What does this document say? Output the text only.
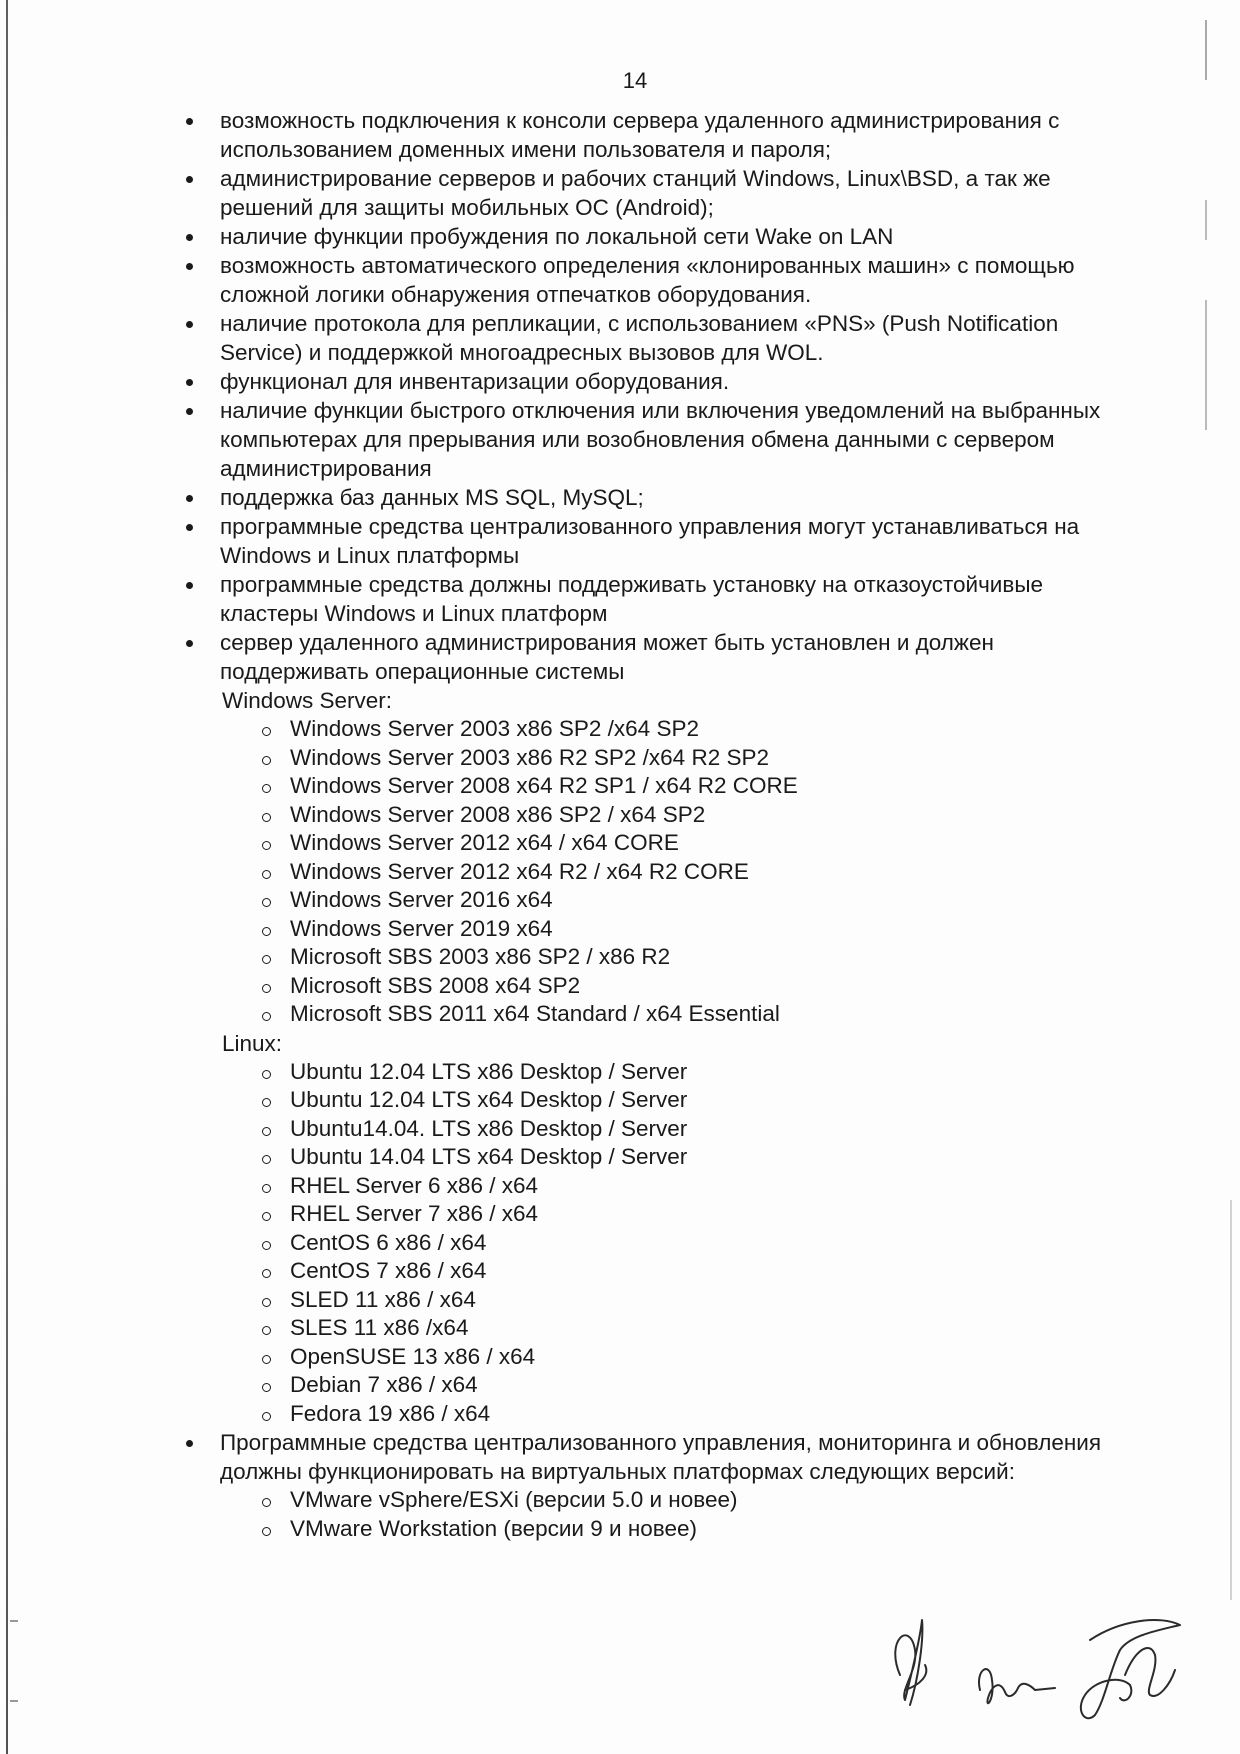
14
возможность подключения к консоли сервера удаленного администрирования с использованием доменных имени пользователя и пароля;
администрирование серверов и рабочих станций Windows, Linux\BSD, а так же решений для защиты мобильных ОС (Android);
наличие функции пробуждения по локальной сети Wake on LAN
возможность автоматического определения «клонированных машин» с помощью сложной логики обнаружения отпечатков оборудования.
наличие протокола для репликации, с использованием «PNS» (Push Notification Service) и поддержкой многоадресных вызовов для WOL.
функционал для инвентаризации оборудования.
наличие функции быстрого отключения или включения уведомлений на выбранных компьютерах для прерывания или возобновления обмена данными с сервером администрирования
поддержка баз данных MS SQL, MySQL;
программные средства централизованного управления могут устанавливаться на Windows и Linux платформы
программные средства должны поддерживать установку на отказоустойчивые кластеры Windows и Linux платформ
сервер удаленного администрирования может быть установлен и должен поддерживать операционные системы
Windows Server:
Windows Server 2003 x86 SP2 /x64 SP2
Windows Server 2003 x86 R2 SP2 /x64 R2 SP2
Windows Server 2008 x64 R2 SP1 / x64 R2 CORE
Windows Server 2008 x86 SP2 / x64 SP2
Windows Server 2012 x64 / x64 CORE
Windows Server 2012 x64 R2 / x64 R2 CORE
Windows Server 2016 x64
Windows Server 2019 x64
Microsoft SBS 2003 x86 SP2 / x86 R2
Microsoft SBS 2008 x64 SP2
Microsoft SBS 2011 x64 Standard / x64 Essential
Linux:
Ubuntu 12.04 LTS x86 Desktop / Server
Ubuntu 12.04 LTS x64 Desktop / Server
Ubuntu14.04. LTS x86 Desktop / Server
Ubuntu 14.04 LTS x64 Desktop / Server
RHEL Server 6 x86 / x64
RHEL Server 7 x86 / x64
CentOS 6 x86 / x64
CentOS 7 x86 / x64
SLED 11 x86 / x64
SLES 11 x86 /x64
OpenSUSE 13 x86 / x64
Debian 7 x86 / x64
Fedora 19 x86 / x64
Программные средства централизованного управления, мониторинга и обновления должны функционировать на виртуальных платформах следующих версий:
VMware vSphere/ESXi (версии 5.0 и новее)
VMware Workstation (версии 9 и новее)
